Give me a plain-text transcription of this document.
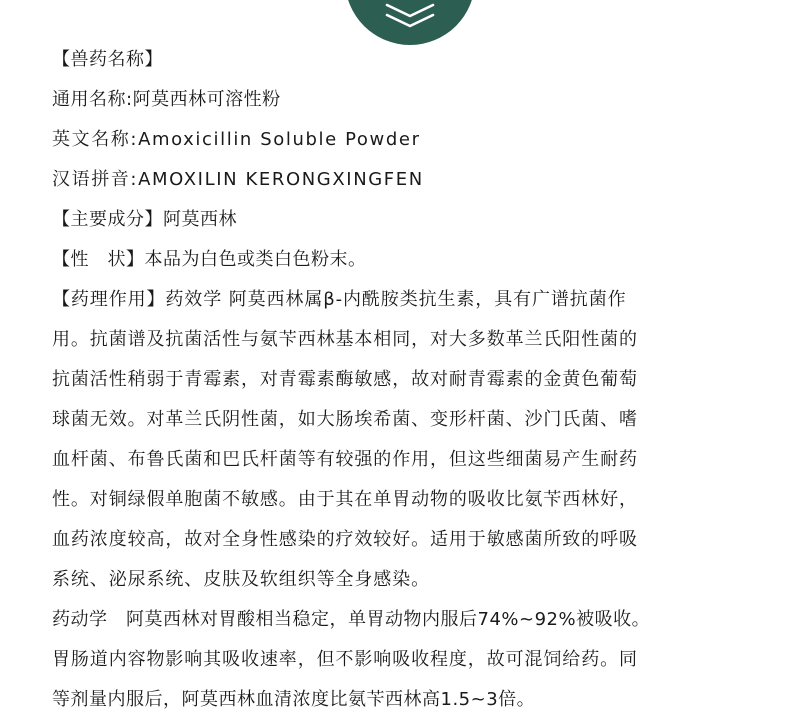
【兽药名称】
通用名称:阿莫西林可溶性粉
英文名称:Amoxicillin Soluble Powder
汉语拼音:AMOXILIN KERONGXINGFEN
【主要成分】阿莫西林
【性　状】本品为白色或类白色粉末。
【药理作用】药效学 阿莫西林属β-内酰胺类抗生素，具有广谱抗菌作
用。抗菌谱及抗菌活性与氨苄西林基本相同，对大多数革兰氏阳性菌的
抗菌活性稍弱于青霉素，对青霉素酶敏感，故对耐青霉素的金黄色葡萄
球菌无效。对革兰氏阴性菌，如大肠埃希菌、变形杆菌、沙门氏菌、嗜
血杆菌、布鲁氏菌和巴氏杆菌等有较强的作用，但这些细菌易产生耐药
性。对铜绿假单胞菌不敏感。由于其在单胃动物的吸收比氨苄西林好，
血药浓度较高，故对全身性感染的疗效较好。适用于敏感菌所致的呼吸
系统、泌尿系统、皮肤及软组织等全身感染。
药动学　阿莫西林对胃酸相当稳定，单胃动物内服后74%~92%被吸收。
胃肠道内容物影响其吸收速率，但不影响吸收程度，故可混饲给药。同
等剂量内服后，阿莫西林血清浓度比氨苄西林高1.5~3倍。
